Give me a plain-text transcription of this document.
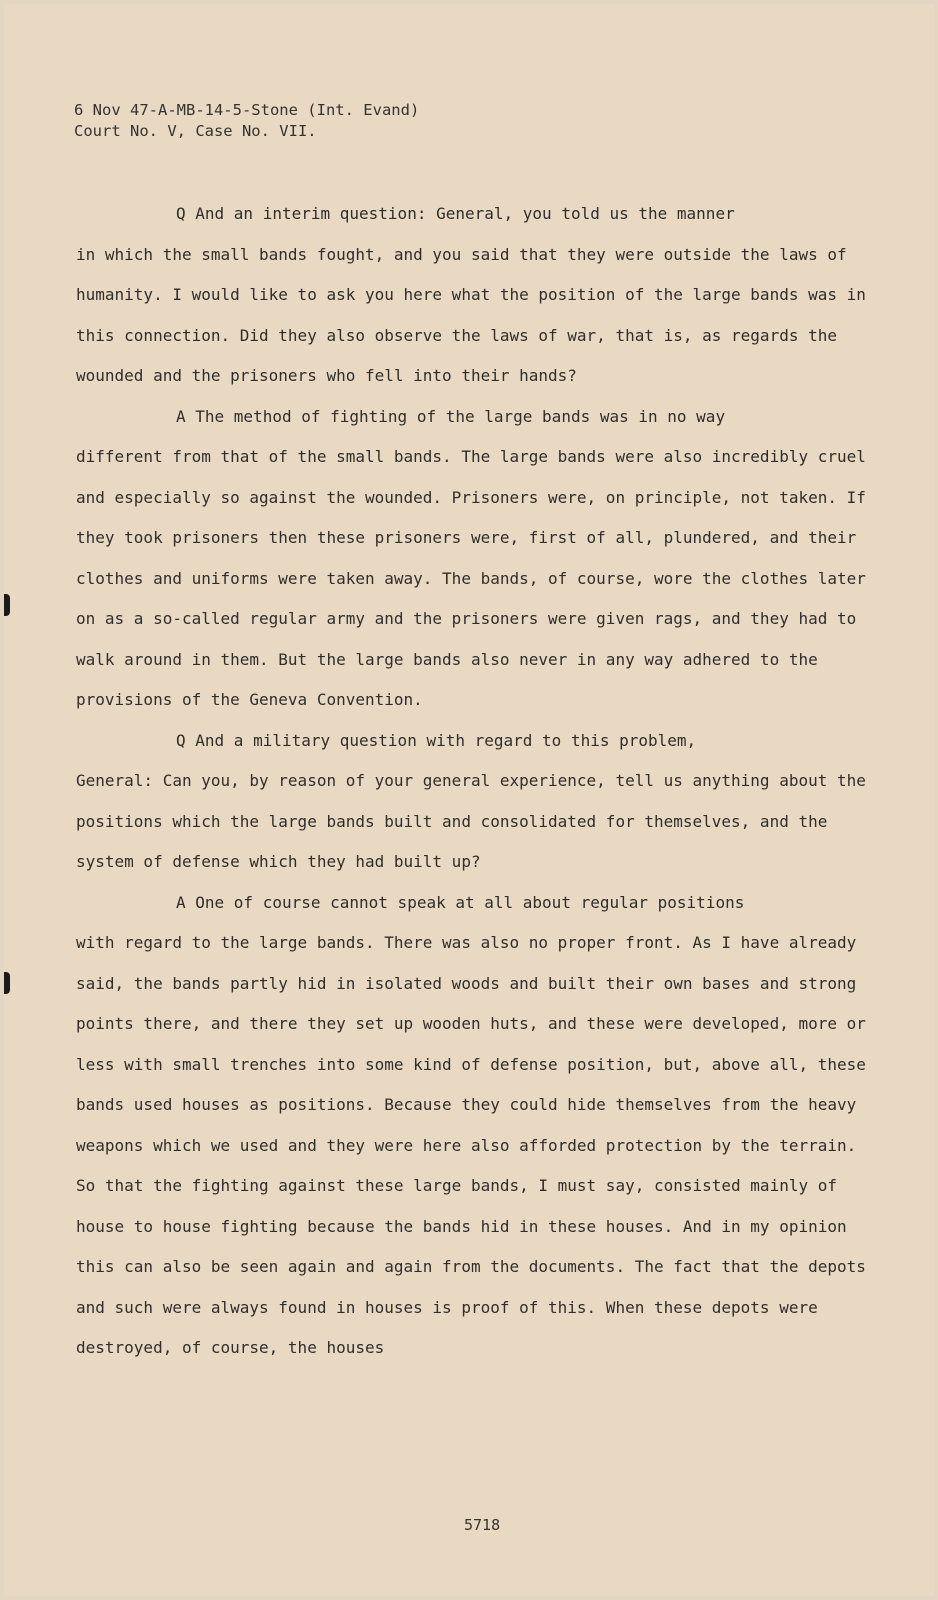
6 Nov 47-A-MB-14-5-Stone (Int. Evand)
Court No. V, Case No. VII.

Q And an interim question: General, you told us the manner
in which the small bands fought, and you said that they were outside the laws of humanity. I would like to ask you here what the position of the large bands was in this connection. Did they also observe the laws of war, that is, as regards the wounded and the prisoners who fell into their hands?

A The method of fighting of the large bands was in no way
different from that of the small bands. The large bands were also incredibly cruel and especially so against the wounded. Prisoners were, on principle, not taken. If they took prisoners then these prisoners were, first of all, plundered, and their clothes and uniforms were taken away. The bands, of course, wore the clothes later on as a so-called regular army and the prisoners were given rags, and they had to walk around in them. But the large bands also never in any way adhered to the provisions of the Geneva Convention.

Q And a military question with regard to this problem,
General: Can you, by reason of your general experience, tell us anything about the positions which the large bands built and consolidated for themselves, and the system of defense which they had built up?

A One of course cannot speak at all about regular positions
with regard to the large bands. There was also no proper front. As I have already said, the bands partly hid in isolated woods and built their own bases and strong points there, and there they set up wooden huts, and these were developed, more or less with small trenches into some kind of defense position, but, above all, these bands used houses as positions. Because they could hide themselves from the heavy weapons which we used and they were here also afforded protection by the terrain. So that the fighting against these large bands, I must say, consisted mainly of house to house fighting because the bands hid in these houses. And in my opinion this can also be seen again and again from the documents. The fact that the depots and such were always found in houses is proof of this. When these depots were destroyed, of course, the houses

5718
